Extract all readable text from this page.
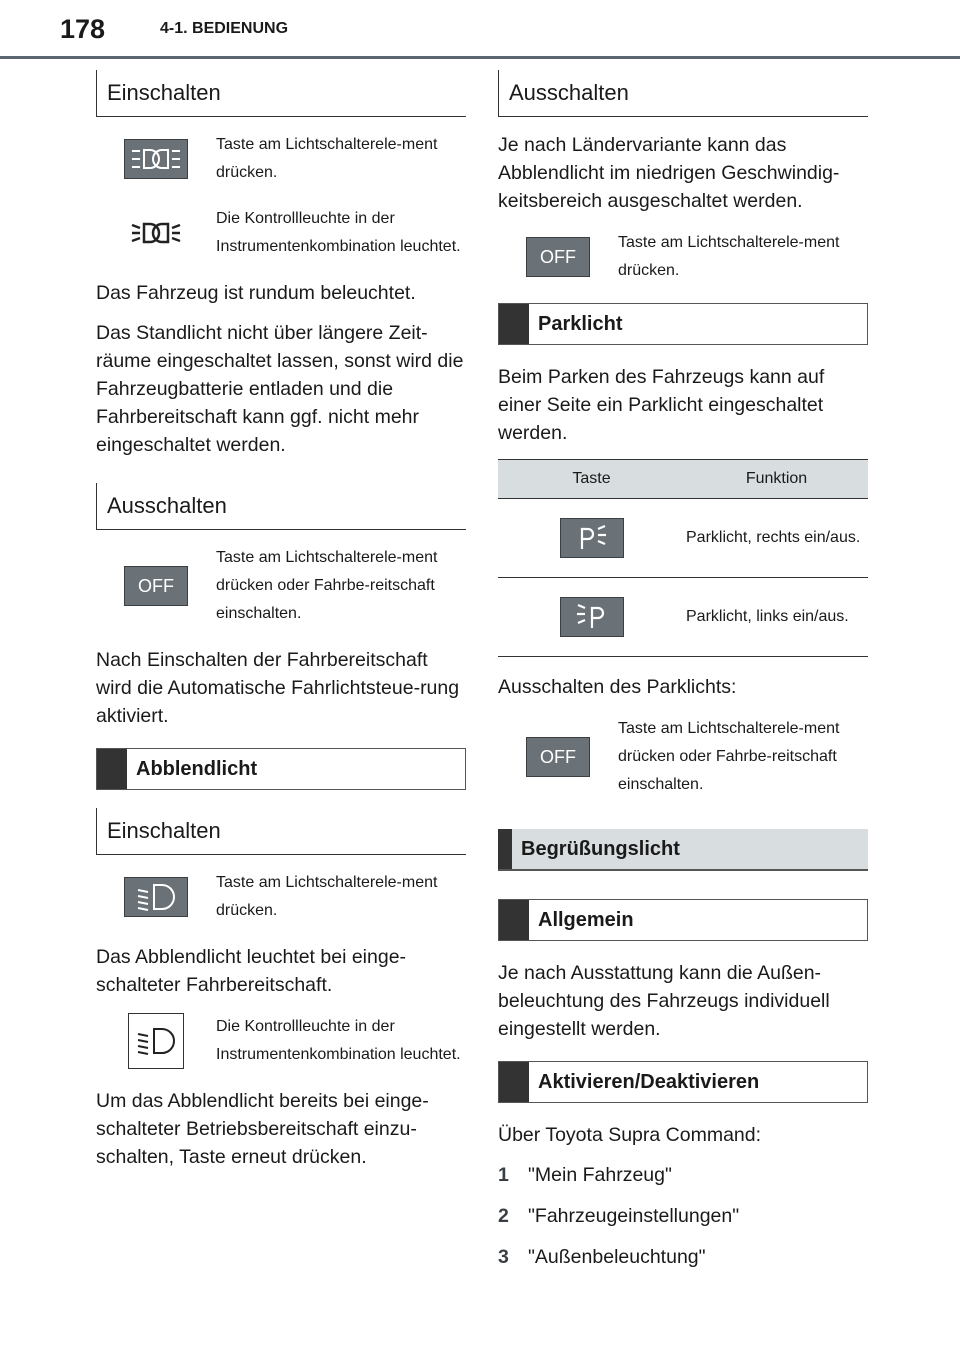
178	4-1. BEDIENUNG
Einschalten
Taste am Lichtschalterele-ment drücken.
Die Kontrollleuchte in der Instrumentenkombination leuchtet.

Das Fahrzeug ist rundum beleuchtet.

Das Standlicht nicht über längere Zeit-räume eingeschaltet lassen, sonst wird die Fahrzeugbatterie entladen und die Fahrbereitschaft kann ggf. nicht mehr eingeschaltet werden.

Ausschalten
OFF
Taste am Lichtschalterele-ment drücken oder Fahrbe-reitschaft einschalten.

Nach Einschalten der Fahrbereitschaft wird die Automatische Fahrlichtsteue-rung aktiviert.

Abblendlicht
Einschalten
Taste am Lichtschalterele-ment drücken.

Das Abblendlicht leuchtet bei einge-schalteter Fahrbereitschaft.

Die Kontrollleuchte in der Instrumentenkombination leuchtet.

Um das Abblendlicht bereits bei einge-schalteter Betriebsbereitschaft einzu-schalten, Taste erneut drücken.

Ausschalten

Je nach Ländervariante kann das Abblendlicht im niedrigen Geschwindig-keitsbereich ausgeschaltet werden.

OFF
Taste am Lichtschalterele-ment drücken.
Parklicht

Beim Parken des Fahrzeugs kann auf einer Seite ein Parklicht eingeschaltet werden.

Taste	Funktion

	Parklicht, rechts ein/aus.

	Parklicht, links ein/aus.

Ausschalten des Parklichts:

OFF
Taste am Lichtschalterele-ment drücken oder Fahrbe-reitschaft einschalten.
Begrüßungslicht
Allgemein

Je nach Ausstattung kann die Außen-beleuchtung des Fahrzeugs individuell eingestellt werden.

Aktivieren/Deaktivieren

Über Toyota Supra Command:

1 "Mein Fahrzeug"
2 "Fahrzeugeinstellungen"
3 "Außenbeleuchtung"
